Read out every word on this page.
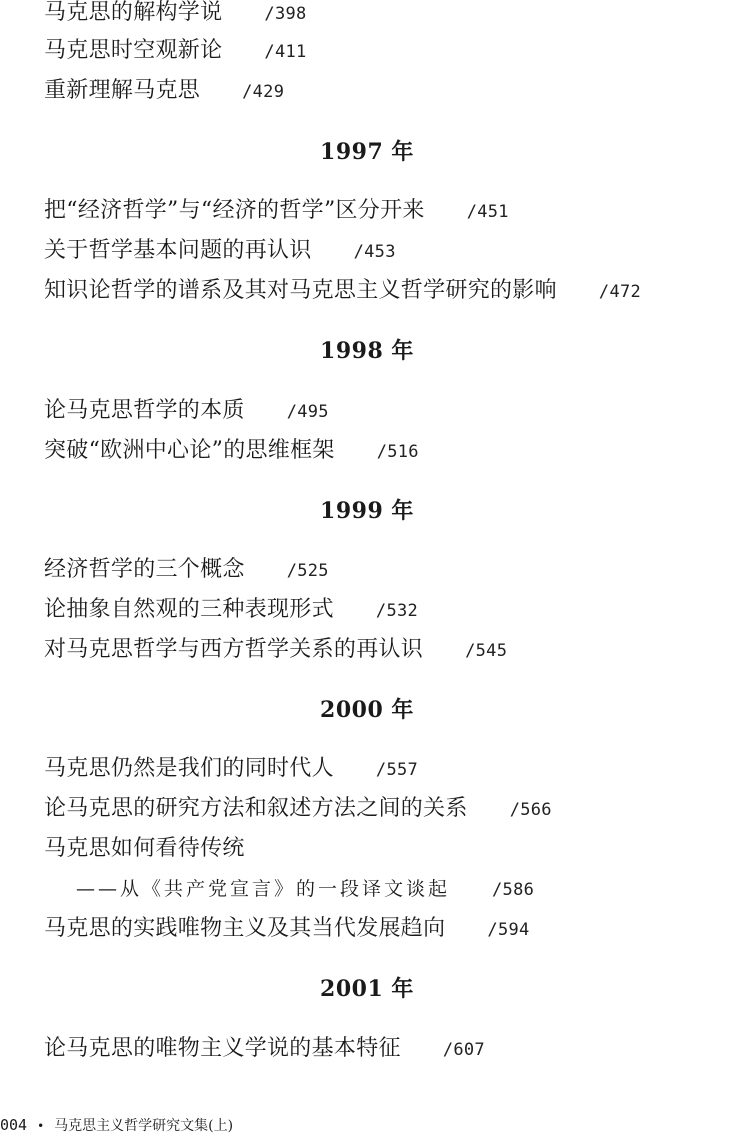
马克思的解构学说 /398
马克思时空观新论 /411
重新理解马克思 /429
1997 年
把“经济哲学”与“经济的哲学”区分开来 /451
关于哲学基本问题的再认识 /453
知识论哲学的谱系及其对马克思主义哲学研究的影响 /472
1998 年
论马克思哲学的本质 /495
突破“欧洲中心论”的思维框架 /516
1999 年
经济哲学的三个概念 /525
论抽象自然观的三种表现形式 /532
对马克思哲学与西方哲学关系的再认识 /545
2000 年
马克思仍然是我们的同时代人 /557
论马克思的研究方法和叙述方法之间的关系 /566
马克思如何看待传统
——从《共产党宣言》的一段译文谈起 /586
马克思的实践唯物主义及其当代发展趋向 /594
2001 年
论马克思的唯物主义学说的基本特征 /607
004 • 马克思主义哲学研究文集(上)
